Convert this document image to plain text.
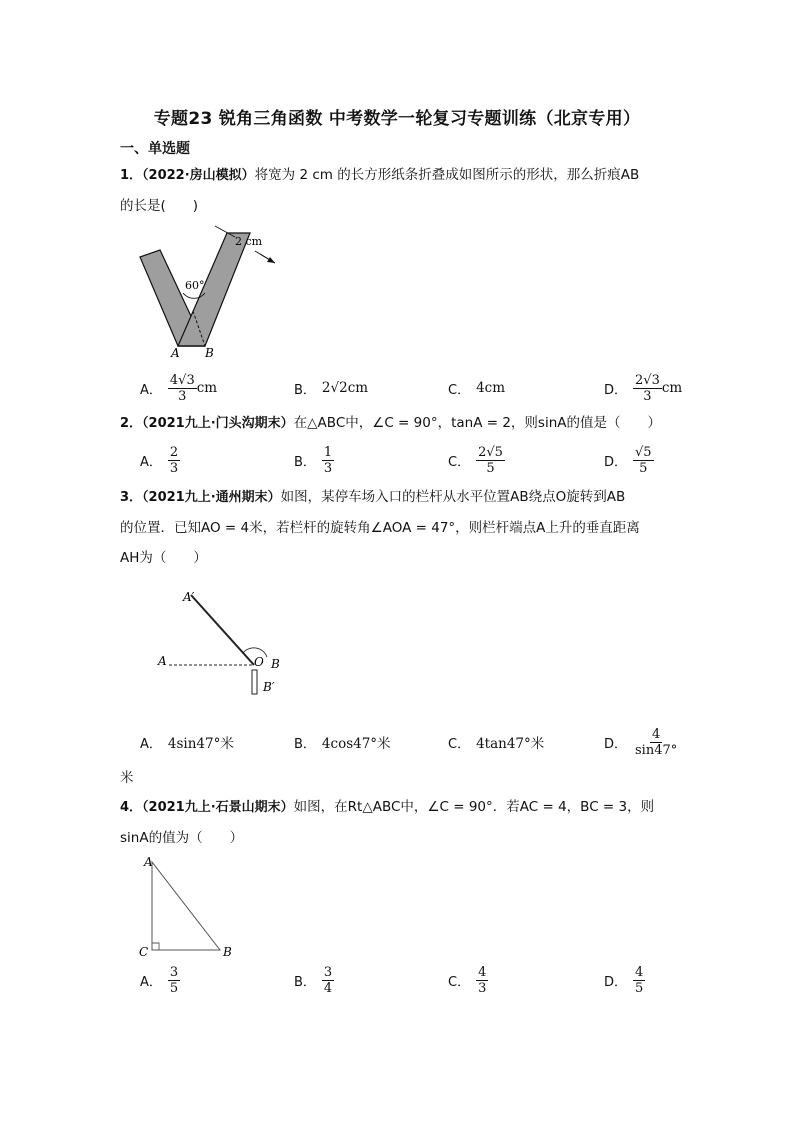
专题23 锐角三角函数 中考数学一轮复习专题训练（北京专用）
一、单选题
1．（2022·房山模拟）将宽为 2 cm 的长方形纸条折叠成如图所示的形状，那么折痕AB
的长是(　　)
60°
2 cm
A B
A． $\frac{4√3}{3}$ cm	B． 2√2cm	C． 4cm	D． $\frac{2√3}{3}$ cm
2．（2021九上·门头沟期末）在△ABC中，∠C = 90°，tanA = 2，则sinA的值是（　　）
A． $\frac{2}{3}$	B． $\frac{1}{3}$	C． $\frac{2√5}{5}$	D． $\frac{√5}{5}$
3．（2021九上·通州期末）如图，某停车场入口的栏杆从水平位置AB绕点O旋转到AB
的位置．已知AO = 4米，若栏杆的旋转角∠AOA = 47°，则栏杆端点A上升的垂直距离
AH为（　　）
A′
A	O B
B′
A． 4sin47°米	B． 4cos47°米	C． 4tan47°米	D． $\frac{4}{\sin 47^\circ}$
米
4．（2021九上·石景山期末）如图，在Rt△ABC中，∠C = 90°．若AC = 4，BC = 3，则
sinA的值为（　　）
A
C	B
A． $\frac{3}{5}$	B． $\frac{3}{4}$	C． $\frac{4}{3}$	D． $\frac{4}{5}$
